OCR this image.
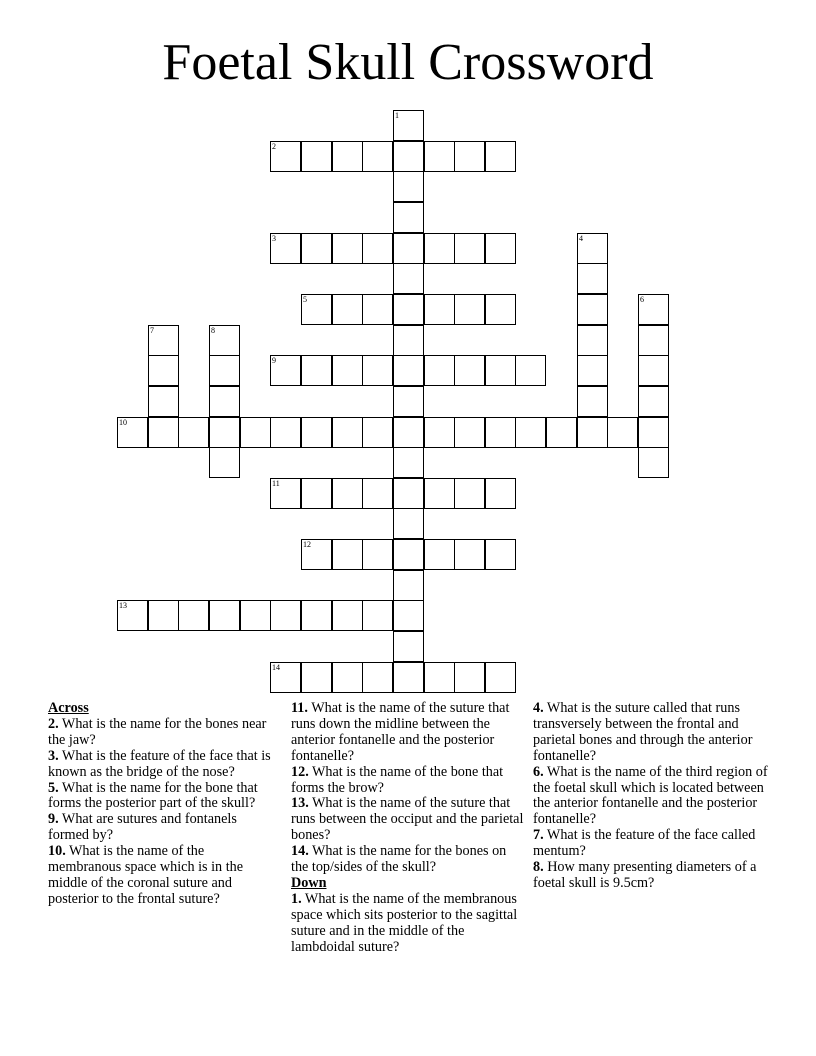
Foetal Skull Crossword
1
2
3	4
5	6
7	8
9
10
11
12
13
14
Across
2. What is the name for the bones near the jaw?
3. What is the feature of the face that is known as the bridge of the nose?
5. What is the name for the bone that forms the posterior part of the skull?
9. What are sutures and fontanels formed by?
10. What is the name of the membranous space which is in the middle of the coronal suture and posterior to the frontal suture?
11. What is the name of the suture that runs down the midline between the anterior fontanelle and the posterior fontanelle?
12. What is the name of the bone that forms the brow?
13. What is the name of the suture that runs between the occiput and the parietal bones?
14. What is the name for the bones on the top/sides of the skull?
Down
1. What is the name of the membranous space which sits posterior to the sagittal suture and in the middle of the lambdoidal suture?
4. What is the suture called that runs transversely between the frontal and parietal bones and through the anterior fontanelle?
6. What is the name of the third region of the foetal skull which is located between the anterior fontanelle and the posterior fontanelle?
7. What is the feature of the face called mentum?
8. How many presenting diameters of a foetal skull is 9.5cm?
